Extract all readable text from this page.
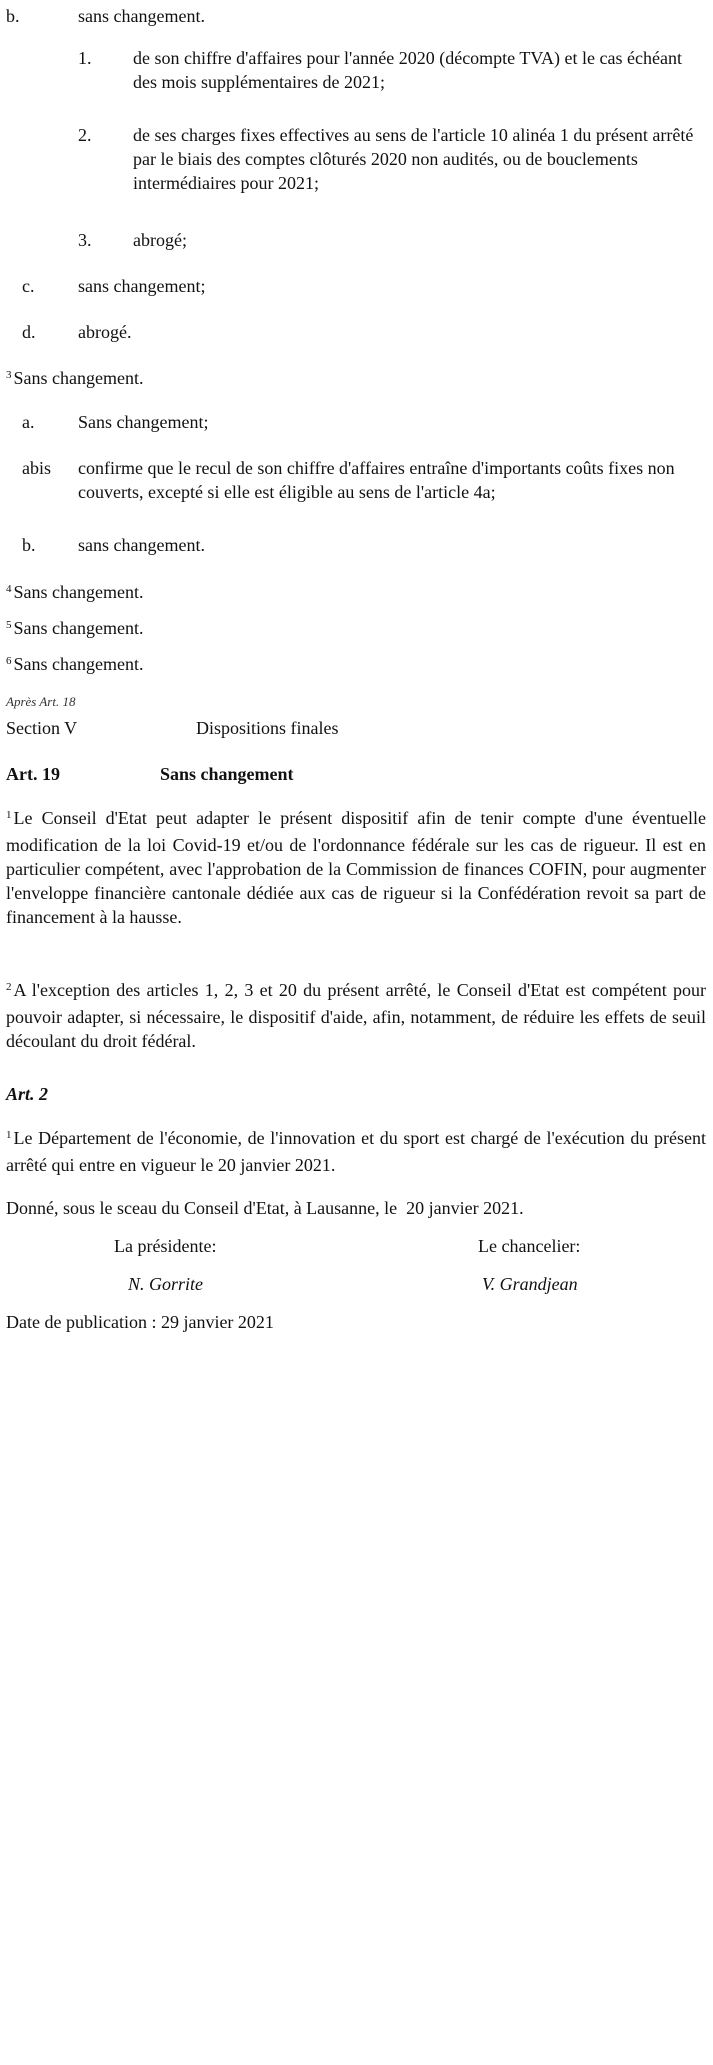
b.	sans changement.
1. de son chiffre d'affaires pour l'année 2020 (décompte TVA) et le cas échéant des mois supplémentaires de 2021;
2. de ses charges fixes effectives au sens de l'article 10 alinéa 1 du présent arrêté par le biais des comptes clôturés 2020 non audités, ou de bouclements intermédiaires pour 2021;
3. abrogé;
c. sans changement;
d. abrogé.
$^3$ Sans changement.
a. Sans changement;
abis confirme que le recul de son chiffre d'affaires entraîne d'importants coûts fixes non couverts, excepté si elle est éligible au sens de l'article 4a;
b. sans changement.
$^4$ Sans changement.
$^5$ Sans changement.
$^6$ Sans changement.
Après Art. 18
Section V	Dispositions finales
Art. 19	Sans changement
$^1$ Le Conseil d'Etat peut adapter le présent dispositif afin de tenir compte d'une éventuelle modification de la loi Covid-19 et/ou de l'ordonnance fédérale sur les cas de rigueur. Il est en particulier compétent, avec l'approbation de la Commission de finances COFIN, pour augmenter l'enveloppe financière cantonale dédiée aux cas de rigueur si la Confédération revoit sa part de financement à la hausse.
$^2$ A l'exception des articles 1, 2, 3 et 20 du présent arrêté, le Conseil d'Etat est compétent pour pouvoir adapter, si nécessaire, le dispositif d'aide, afin, notamment, de réduire les effets de seuil découlant du droit fédéral.
Art. 2
$^1$ Le Département de l'économie, de l'innovation et du sport est chargé de l'exécution du présent arrêté qui entre en vigueur le 20 janvier 2021.
Donné, sous le sceau du Conseil d'Etat, à Lausanne, le  20 janvier 2021.
La présidente:	Le chancelier:
N. Gorrite	V. Grandjean
Date de publication : 29 janvier 2021
